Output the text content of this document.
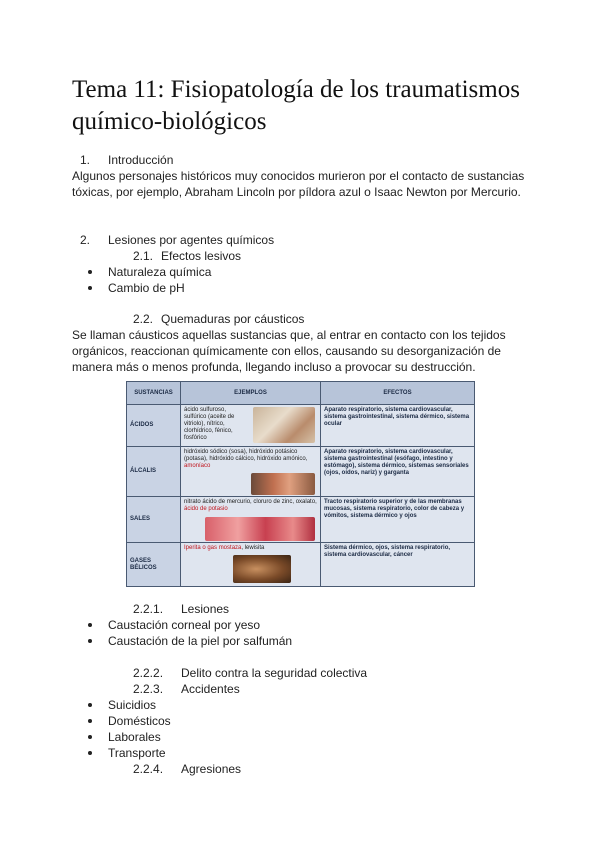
Tema 11: Fisiopatología de los traumatismos químico-biológicos
1. Introducción

Algunos personajes históricos muy conocidos murieron por el contacto de sustancias tóxicas, por ejemplo, Abraham Lincoln por píldora azul o Isaac Newton por Mercurio.

2. Lesiones por agentes químicos
2.1. Efectos lesivos
Naturaleza química
Cambio de pH
2.2. Quemaduras por cáusticos

Se llaman cáusticos aquellas sustancias que, al entrar en contacto con los tejidos orgánicos, reaccionan químicamente con ellos, causando su desorganización de manera más o menos profunda, llegando incluso a provocar su destrucción.

SUSTANCIAS	EJEMPLOS	EFECTOS
ÁCIDOS	ácido sulfuroso, sulfúrico (aceite de vitriolo), nítrico, clorhídrico, fénico, fosfórico	Aparato respiratorio, sistema cardiovascular, sistema gastrointestinal, sistema dérmico, sistema ocular
ÁLCALIS	hidróxido sódico (sosa), hidróxido potásico (potasa), hidróxido cálcico, hidróxido amónico, amoníaco	Aparato respiratorio, sistema cardiovascular, sistema gastrointestinal (esófago, intestino y estómago), sistema dérmico, sistemas sensoriales (ojos, oídos, nariz) y garganta
SALES	nitrato ácido de mercurio, cloruro de zinc, oxalato, ácido de potasio	Tracto respiratorio superior y de las membranas mucosas, sistema respiratorio, color de cabeza y vómitos, sistema dérmico y ojos
GASES BÉLICOS	Iperita o gas mostaza, lewisita	Sistema dérmico, ojos, sistema respiratorio, sistema cardiovascular, cáncer
2.2.1. Lesiones
Caustación corneal por yeso
Caustación de la piel por salfumán
2.2.2. Delito contra la seguridad colectiva
2.2.3. Accidentes
Suicidios
Domésticos
Laborales
Transporte
2.2.4. Agresiones
